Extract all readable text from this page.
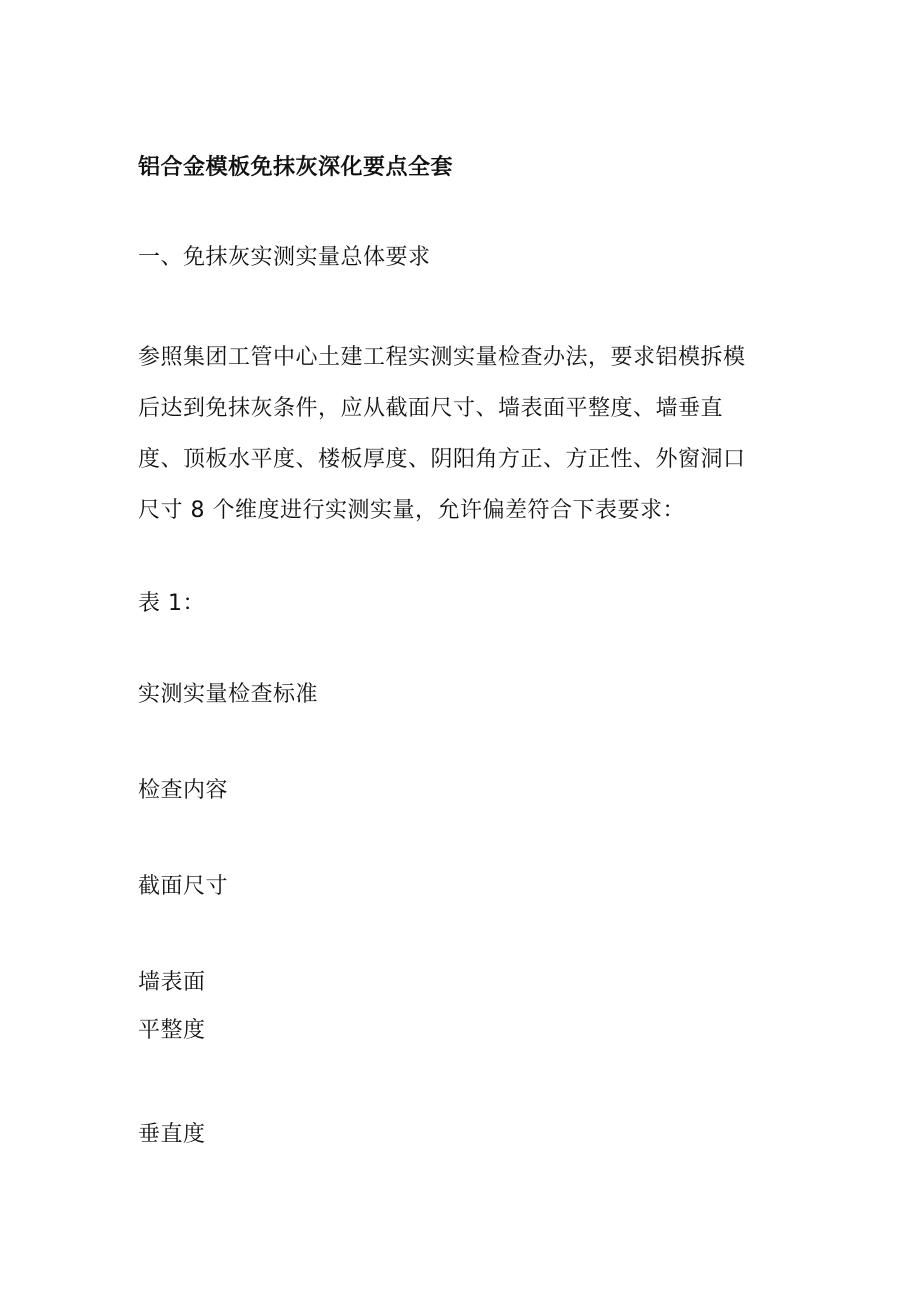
铝合金模板免抹灰深化要点全套
一、免抹灰实测实量总体要求
参照集团工管中心土建工程实测实量检查办法，要求铝模拆模
后达到免抹灰条件，应从截面尺寸、墙表面平整度、墙垂直
度、顶板水平度、楼板厚度、阴阳角方正、方正性、外窗洞口
尺寸 8 个维度进行实测实量，允许偏差符合下表要求：
表 1：
实测实量检查标准
检查内容
截面尺寸
墙表面
平整度
垂直度
